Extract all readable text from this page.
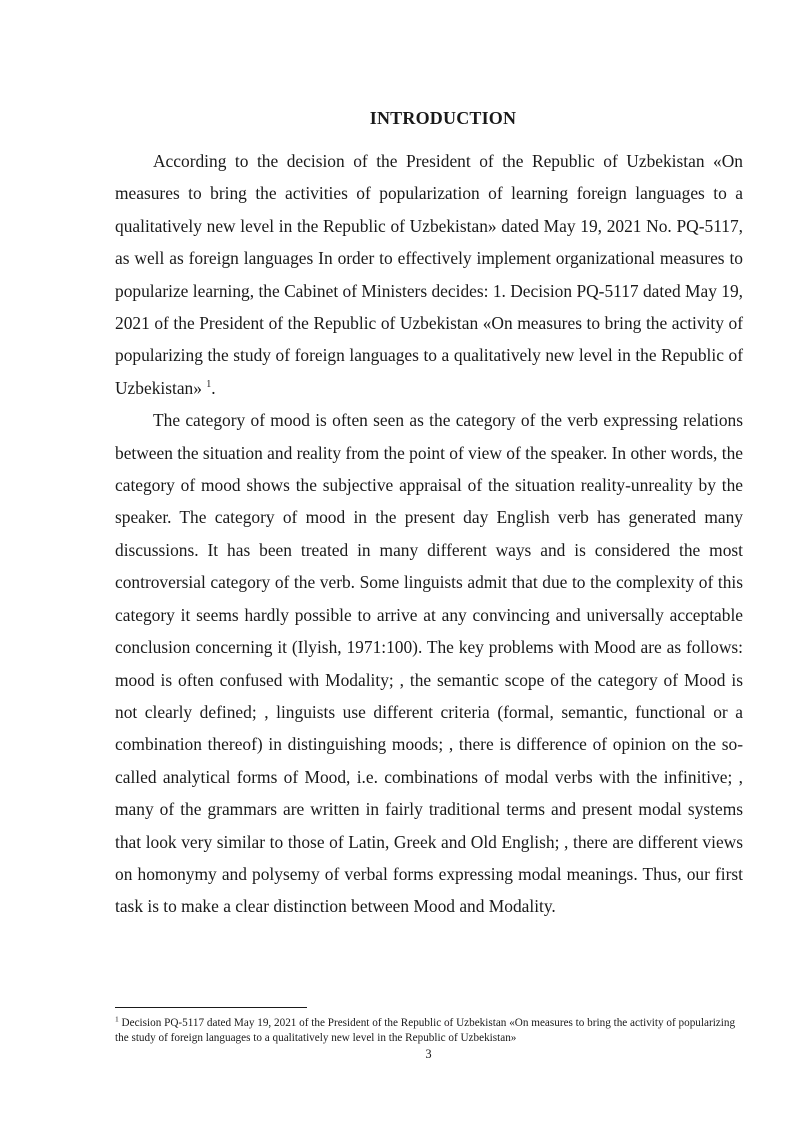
INTRODUCTION

According to the decision of the President of the Republic of Uzbekistan «On measures to bring the activities of popularization of learning foreign languages to a qualitatively new level in the Republic of Uzbekistan» dated May 19, 2021 No. PQ-5117, as well as foreign languages In order to effectively implement organizational measures to popularize learning, the Cabinet of Ministers decides: 1. Decision PQ-5117 dated May 19, 2021 of the President of the Republic of Uzbekistan «On measures to bring the activity of popularizing the study of foreign languages to a qualitatively new level in the Republic of Uzbekistan» $^1$.

The category of mood is often seen as the category of the verb expressing relations between the situation and reality from the point of view of the speaker. In other words, the category of mood shows the subjective appraisal of the situation reality-unreality by the speaker. The category of mood in the present day English verb has generated many discussions. It has been treated in many different ways and is considered the most controversial category of the verb. Some linguists admit that due to the complexity of this category it seems hardly possible to arrive at any convincing and universally acceptable conclusion concerning it (Ilyish, 1971:100). The key problems with Mood are as follows: mood is often confused with Modality; , the semantic scope of the category of Mood is not clearly defined; , linguists use different criteria (formal, semantic, functional or a combination thereof) in distinguishing moods; , there is difference of opinion on the so-called analytical forms of Mood, i.e. combinations of modal verbs with the infinitive; , many of the grammars are written in fairly traditional terms and present modal systems that look very similar to those of Latin, Greek and Old English; , there are different views on homonymy and polysemy of verbal forms expressing modal meanings. Thus, our first task is to make a clear distinction between Mood and Modality.

$^1$ Decision PQ-5117 dated May 19, 2021 of the President of the Republic of Uzbekistan «On measures to bring the activity of popularizing the study of foreign languages to a qualitatively new level in the Republic of Uzbekistan»
3
